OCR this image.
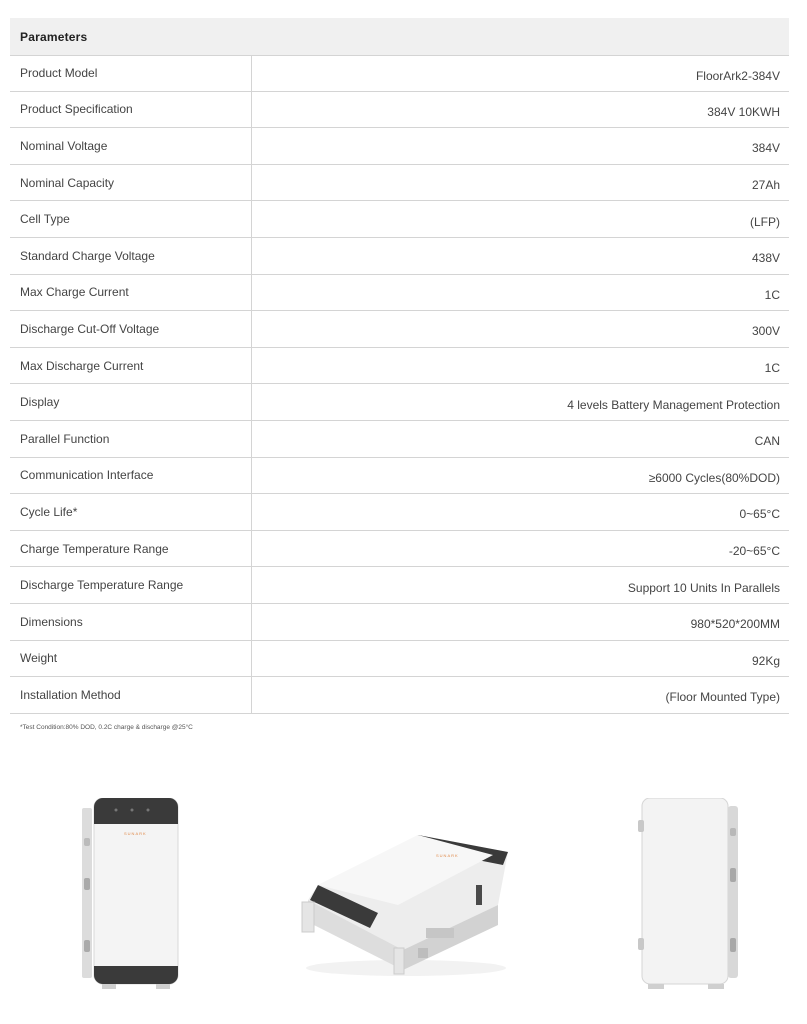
Parameters
Product Model	FloorArk2-384V
Product Specification	384V 10KWH
Nominal Voltage	384V
Nominal Capacity	27Ah
Cell Type	(LFP)
Standard Charge Voltage	438V
Max Charge Current	1C
Discharge Cut-Off Voltage	300V
Max Discharge Current	1C
Display	4 levels Battery Management Protection
Parallel Function	CAN
Communication Interface	≥6000 Cycles(80%DOD)
Cycle Life*	0~65°C
Charge Temperature Range	-20~65°C
Discharge Temperature Range	Support 10 Units In Parallels
Dimensions	980*520*200MM
Weight	92Kg
Installation Method	(Floor Mounted Type)
*Test Condition:80% DOD, 0.2C charge & discharge @25°C
SUNARK
SUNARK
